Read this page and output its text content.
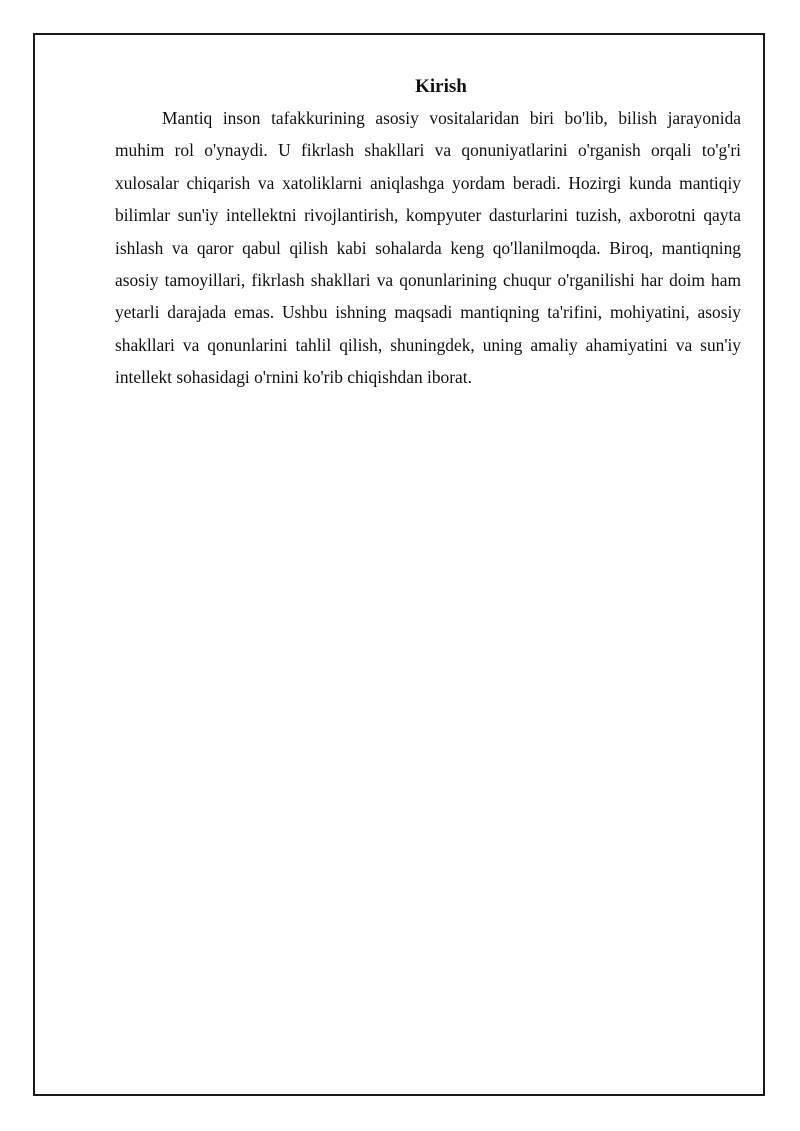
Kirish

Mantiq inson tafakkurining asosiy vositalaridan biri bo'lib, bilish jarayonida muhim rol o'ynaydi. U fikrlash shakllari va qonuniyatlarini o'rganish orqali to'g'ri xulosalar chiqarish va xatoliklarni aniqlashga yordam beradi. Hozirgi kunda mantiqiy bilimlar sun'iy intellektni rivojlantirish, kompyuter dasturlarini tuzish, axborotni qayta ishlash va qaror qabul qilish kabi sohalarda keng qo'llanilmoqda. Biroq, mantiqning asosiy tamoyillari, fikrlash shakllari va qonunlarining chuqur o'rganilishi har doim ham yetarli darajada emas. Ushbu ishning maqsadi mantiqning ta'rifini, mohiyatini, asosiy shakllari va qonunlarini tahlil qilish, shuningdek, uning amaliy ahamiyatini va sun'iy intellekt sohasidagi o'rnini ko'rib chiqishdan iborat.
